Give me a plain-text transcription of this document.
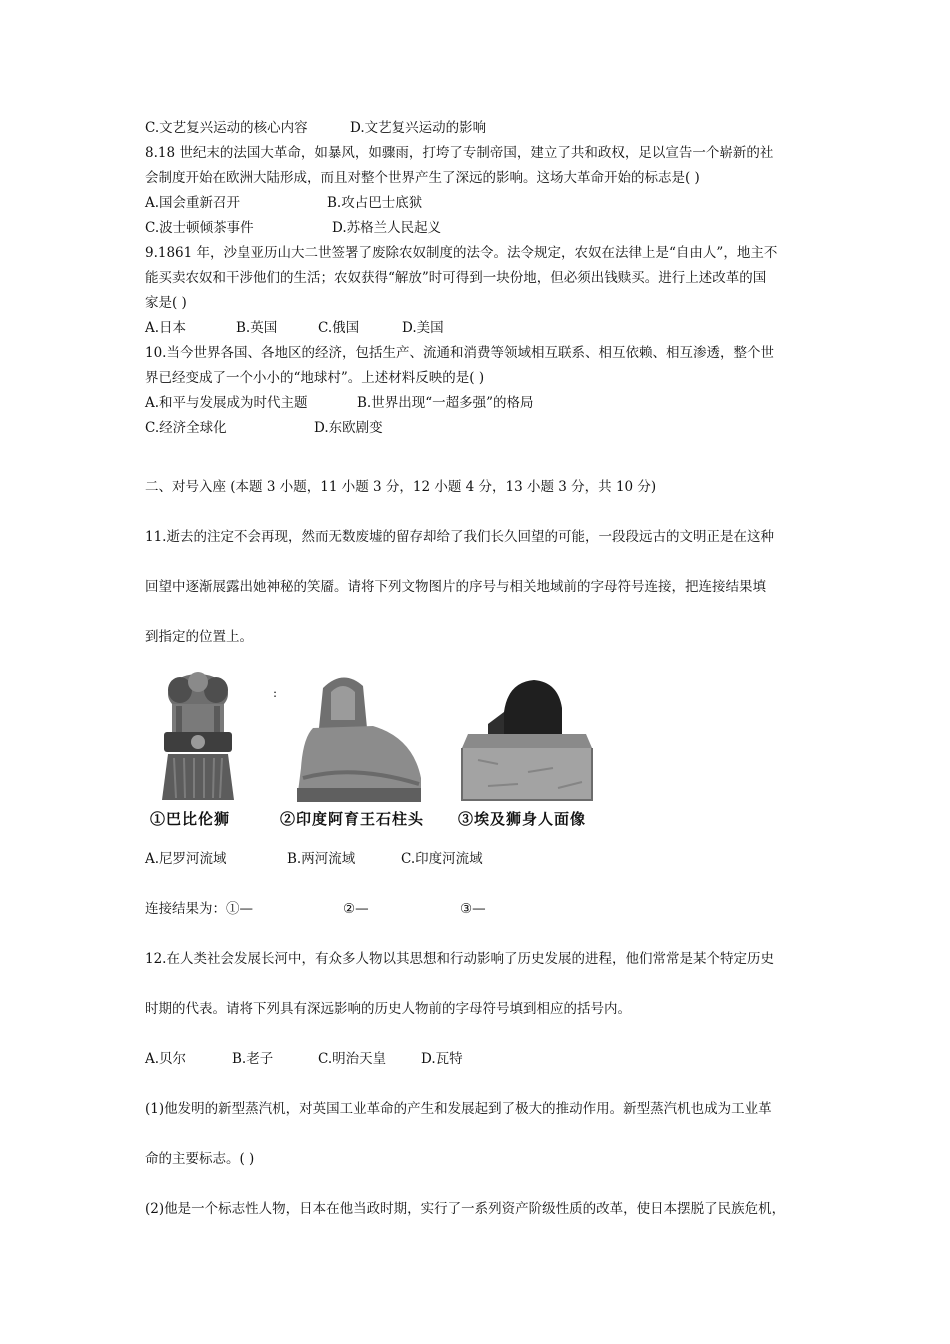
C.文艺复兴运动的核心内容	D.文艺复兴运动的影响
8.18 世纪末的法国大革命，如暴风，如骤雨，打垮了专制帝国，建立了共和政权，足以宣告一个崭新的社
会制度开始在欧洲大陆形成，而且对整个世界产生了深远的影响。这场大革命开始的标志是( )
A.国会重新召开	B.攻占巴士底狱
C.波士顿倾茶事件	D.苏格兰人民起义
9.1861 年，沙皇亚历山大二世签署了废除农奴制度的法令。法令规定，农奴在法律上是“自由人”，地主不
能买卖农奴和干涉他们的生活；农奴获得“解放”时可得到一块份地，但必须出钱赎买。进行上述改革的国
家是( )
A.日本	B.英国	C.俄国	D.美国
10.当今世界各国、各地区的经济，包括生产、流通和消费等领域相互联系、相互依赖、相互渗透，整个世
界已经变成了一个小小的“地球村”。上述材料反映的是( )
A.和平与发展成为时代主题	B.世界出现“一超多强”的格局
C.经济全球化	D.东欧剧变
二、对号入座 (本题 3 小题，11 小题 3 分，12 小题 4 分，13 小题 3 分，共 10 分)
11.逝去的注定不会再现，然而无数废墟的留存却给了我们长久回望的可能，一段段远古的文明正是在这种
回望中逐渐展露出她神秘的笑靥。请将下列文物图片的序号与相关地域前的字母符号连接，把连接结果填
到指定的位置上。
:
①巴比伦狮	②印度阿育王石柱头 ③埃及狮身人面像
A.尼罗河流域	B.两河流域	C.印度河流域
连接结果为：①—	②—	③—
12.在人类社会发展长河中，有众多人物以其思想和行动影响了历史发展的进程，他们常常是某个特定历史
时期的代表。请将下列具有深远影响的历史人物前的字母符号填到相应的括号内。
A.贝尔	B.老子	C.明治天皇	D.瓦特
(1)他发明的新型蒸汽机，对英国工业革命的产生和发展起到了极大的推动作用。新型蒸汽机也成为工业革
命的主要标志。( )
(2)他是一个标志性人物，日本在他当政时期，实行了一系列资产阶级性质的改革，使日本摆脱了民族危机，
